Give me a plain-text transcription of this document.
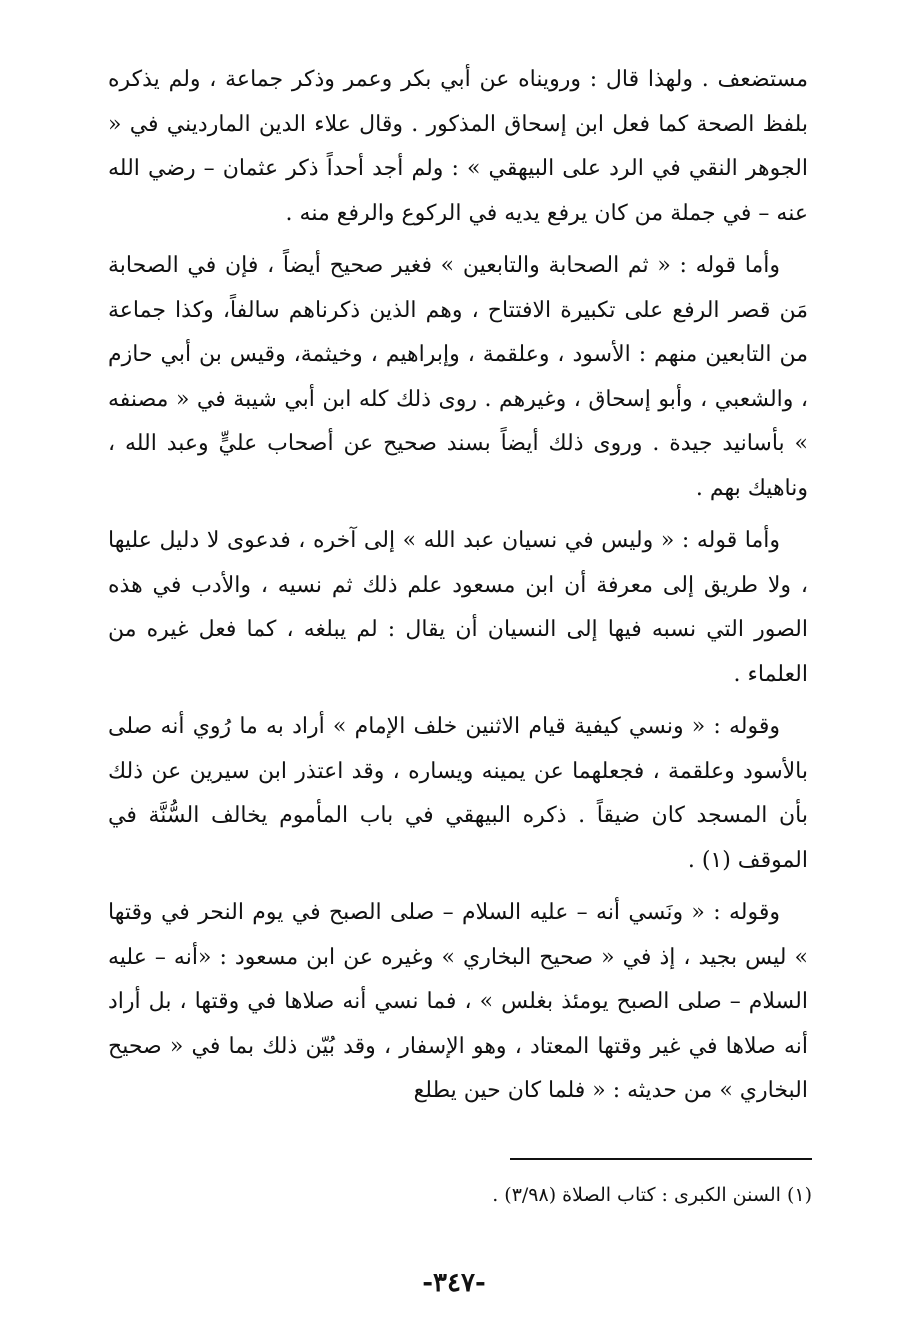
مستضعف . ولهذا قال : ورويناه عن أبي بكر وعمر وذكر جماعة ، ولم يذكره بلفظ الصحة كما فعل ابن إسحاق المذكور . وقال علاء الدين المارديني في « الجوهر النقي في الرد على البيهقي » : ولم أجد أحداً ذكر عثمان – رضي الله عنه – في جملة من كان يرفع يديه في الركوع والرفع منه .

وأما قوله : « ثم الصحابة والتابعين » فغير صحيح أيضاً ، فإن في الصحابة مَن قصر الرفع على تكبيرة الافتتاح ، وهم الذين ذكرناهم سالفاً، وكذا جماعة من التابعين منهم : الأسود ، وعلقمة ، وإبراهيم ، وخيثمة، وقيس بن أبي حازم ، والشعبي ، وأبو إسحاق ، وغيرهم . روى ذلك كله ابن أبي شيبة في « مصنفه » بأسانيد جيدة . وروى ذلك أيضاً بسند صحيح عن أصحاب عليٍّ وعبد الله ، وناهيك بهم .

وأما قوله : « وليس في نسيان عبد الله » إلى آخره ، فدعوى لا دليل عليها ، ولا طريق إلى معرفة أن ابن مسعود علم ذلك ثم نسيه ، والأدب في هذه الصور التي نسبه فيها إلى النسيان أن يقال : لم يبلغه ، كما فعل غيره من العلماء .

وقوله : « ونسي كيفية قيام الاثنين خلف الإمام » أراد به ما رُوي أنه صلى بالأسود وعلقمة ، فجعلهما عن يمينه ويساره ، وقد اعتذر ابن سيرين عن ذلك بأن المسجد كان ضيقاً . ذكره البيهقي في باب المأموم يخالف السُّنَّة في الموقف (١) .

وقوله : « ونَسي أنه – عليه السلام – صلى الصبح في يوم النحر في وقتها » ليس بجيد ، إذ في « صحيح البخاري » وغيره عن ابن مسعود : «أنه – عليه السلام – صلى الصبح يومئذ بغلس » ، فما نسي أنه صلاها في وقتها ، بل أراد أنه صلاها في غير وقتها المعتاد ، وهو الإسفار ، وقد بُيّن ذلك بما في « صحيح البخاري » من حديثه : « فلما كان حين يطلع

(١) السنن الكبرى : كتاب الصلاة (٣/٩٨) .
-٣٤٧-
